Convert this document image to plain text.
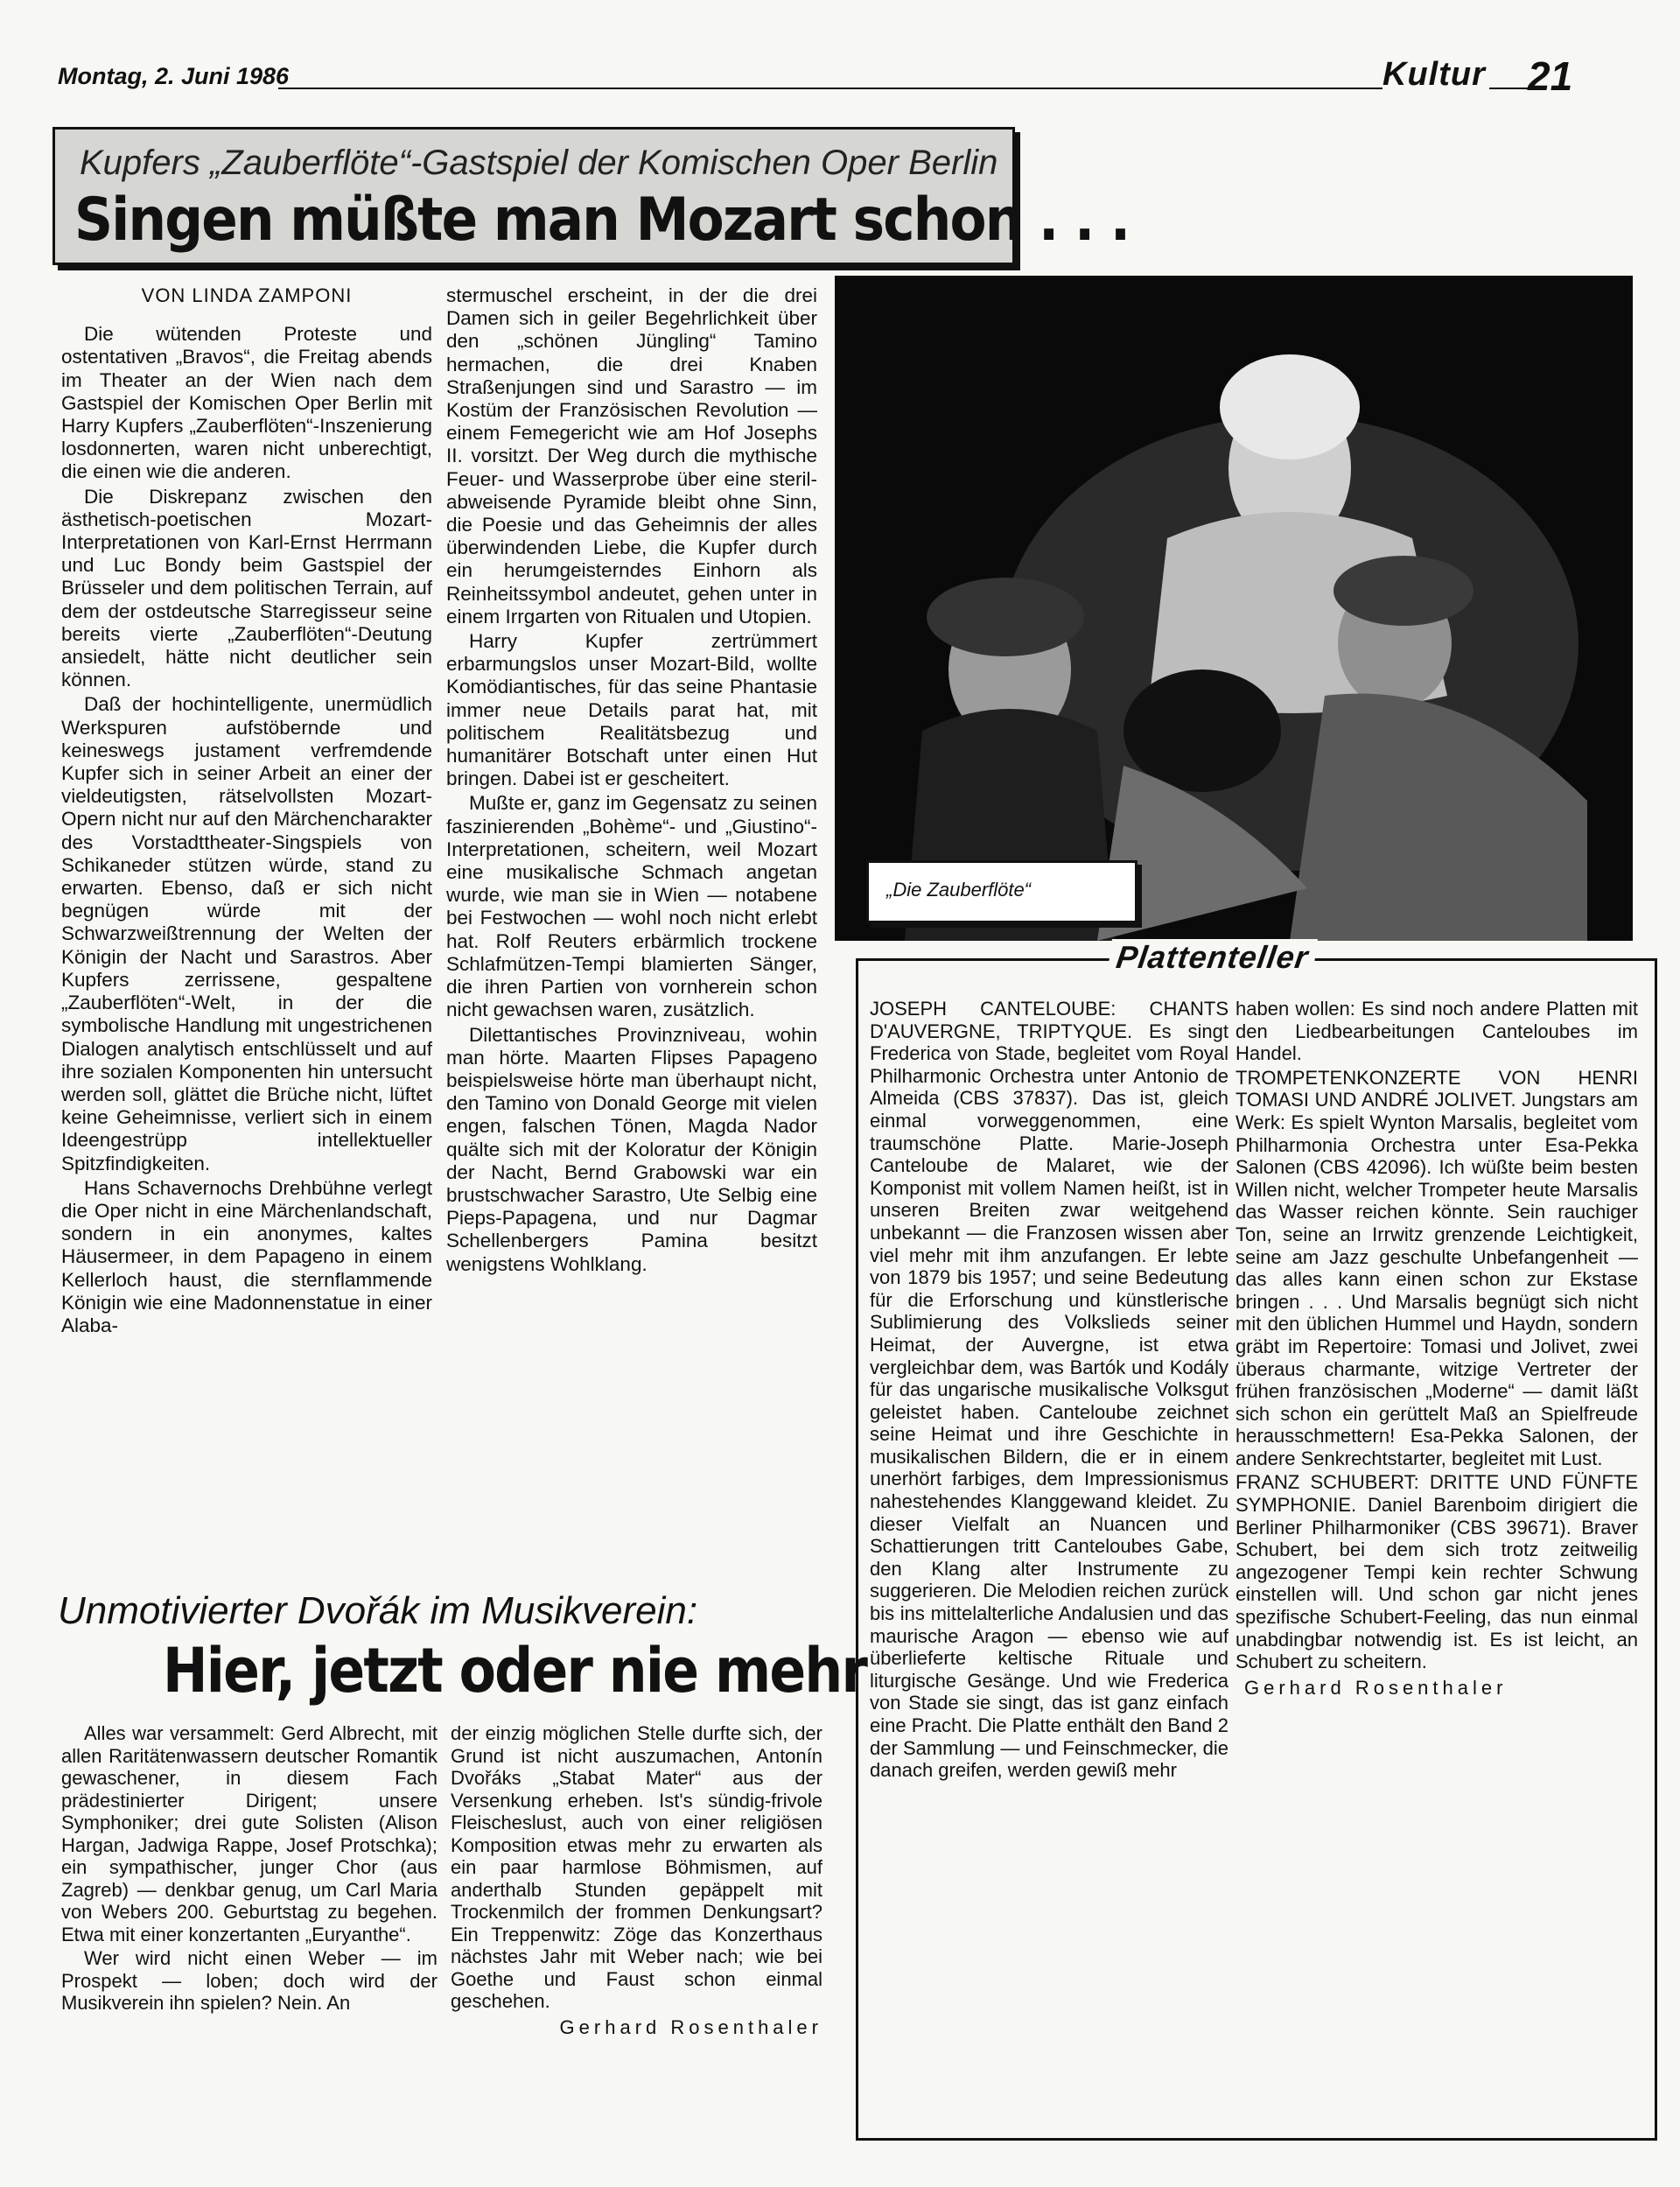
Montag, 2. Juni 1986	Kultur 21
Kupfers „Zauberflöte“-Gastspiel der Komischen Oper Berlin
Singen müßte man Mozart schon . . .

VON LINDA ZAMPONI

Die wütenden Proteste und ostentativen „Bravos“, die Freitag abends im Theater an der Wien nach dem Gastspiel der Komischen Oper Berlin mit Harry Kupfers „Zauberflöten“-Inszenierung losdonnerten, waren nicht unberechtigt, die einen wie die anderen.

Die Diskrepanz zwischen den ästhetisch-poetischen Mozart-Interpretationen von Karl-Ernst Herrmann und Luc Bondy beim Gastspiel der Brüsseler und dem politischen Terrain, auf dem der ostdeutsche Starregisseur seine bereits vierte „Zauberflöten“-Deutung ansiedelt, hätte nicht deutlicher sein können.

Daß der hochintelligente, unermüdlich Werkspuren aufstöbernde und keineswegs justament verfremdende Kupfer sich in seiner Arbeit an einer der vieldeutigsten, rätselvollsten Mozart-Opern nicht nur auf den Märchencharakter des Vorstadttheater-Singspiels von Schikaneder stützen würde, stand zu erwarten. Ebenso, daß er sich nicht begnügen würde mit der Schwarzweißtrennung der Welten der Königin der Nacht und Sarastros. Aber Kupfers zerrissene, gespaltene „Zauberflöten“-Welt, in der die symbolische Handlung mit ungestrichenen Dialogen analytisch entschlüsselt und auf ihre sozialen Komponenten hin untersucht werden soll, glättet die Brüche nicht, lüftet keine Geheimnisse, verliert sich in einem Ideengestrüpp intellektueller Spitzfindigkeiten.

Hans Schavernochs Drehbühne verlegt die Oper nicht in eine Märchenlandschaft, sondern in ein anonymes, kaltes Häusermeer, in dem Papageno in einem Kellerloch haust, die sternflammende Königin wie eine Madonnenstatue in einer Alaba-

stermuschel erscheint, in der die drei Damen sich in geiler Begehrlichkeit über den „schönen Jüngling“ Tamino hermachen, die drei Knaben Straßenjungen sind und Sarastro — im Kostüm der Französischen Revolution — einem Femegericht wie am Hof Josephs II. vorsitzt. Der Weg durch die mythische Feuer- und Wasserprobe über eine steril-abweisende Pyramide bleibt ohne Sinn, die Poesie und das Geheimnis der alles überwindenden Liebe, die Kupfer durch ein herumgeisterndes Einhorn als Reinheitssymbol andeutet, gehen unter in einem Irrgarten von Ritualen und Utopien.

Harry Kupfer zertrümmert erbarmungslos unser Mozart-Bild, wollte Komödiantisches, für das seine Phantasie immer neue Details parat hat, mit politischem Realitätsbezug und humanitärer Botschaft unter einen Hut bringen. Dabei ist er gescheitert.

Mußte er, ganz im Gegensatz zu seinen faszinierenden „Bohème“- und „Giustino“-Interpretationen, scheitern, weil Mozart eine musikalische Schmach angetan wurde, wie man sie in Wien — notabene bei Festwochen — wohl noch nicht erlebt hat. Rolf Reuters erbärmlich trockene Schlafmützen-Tempi blamierten Sänger, die ihren Partien von vornherein schon nicht gewachsen waren, zusätzlich.

Dilettantisches Provinzniveau, wohin man hörte. Maarten Flipses Papageno beispielsweise hörte man überhaupt nicht, den Tamino von Donald George mit vielen engen, falschen Tönen, Magda Nador quälte sich mit der Koloratur der Königin der Nacht, Bernd Grabowski war ein brustschwacher Sarastro, Ute Selbig eine Pieps-Papagena, und nur Dagmar Schellenbergers Pamina besitzt wenigstens Wohlklang.

„Die Zauberflöte“
Plattenteller

JOSEPH CANTELOUBE: CHANTS D'AUVERGNE, TRIPTYQUE. Es singt Frederica von Stade, begleitet vom Royal Philharmonic Orchestra unter Antonio de Almeida (CBS 37837). Das ist, gleich einmal vorweggenommen, eine traumschöne Platte. Marie-Joseph Canteloube de Malaret, wie der Komponist mit vollem Namen heißt, ist in unseren Breiten zwar weitgehend unbekannt — die Franzosen wissen aber viel mehr mit ihm anzufangen. Er lebte von 1879 bis 1957; und seine Bedeutung für die Erforschung und künstlerische Sublimierung des Volkslieds seiner Heimat, der Auvergne, ist etwa vergleichbar dem, was Bartók und Kodály für das ungarische musikalische Volksgut geleistet haben. Canteloube zeichnet seine Heimat und ihre Geschichte in musikalischen Bildern, die er in einem unerhört farbiges, dem Impressionismus nahestehendes Klanggewand kleidet. Zu dieser Vielfalt an Nuancen und Schattierungen tritt Canteloubes Gabe, den Klang alter Instrumente zu suggerieren. Die Melodien reichen zurück bis ins mittelalterliche Andalusien und das maurische Aragon — ebenso wie auf überlieferte keltische Rituale und liturgische Gesänge. Und wie Frederica von Stade sie singt, das ist ganz einfach eine Pracht. Die Platte enthält den Band 2 der Sammlung — und Feinschmecker, die danach greifen, werden gewiß mehr

haben wollen: Es sind noch andere Platten mit den Liedbearbeitungen Canteloubes im Handel.

TROMPETENKONZERTE VON HENRI TOMASI UND ANDRÉ JOLIVET. Jungstars am Werk: Es spielt Wynton Marsalis, begleitet vom Philharmonia Orchestra unter Esa-Pekka Salonen (CBS 42096). Ich wüßte beim besten Willen nicht, welcher Trompeter heute Marsalis das Wasser reichen könnte. Sein rauchiger Ton, seine an Irrwitz grenzende Leichtigkeit, seine am Jazz geschulte Unbefangenheit — das alles kann einen schon zur Ekstase bringen . . . Und Marsalis begnügt sich nicht mit den üblichen Hummel und Haydn, sondern gräbt im Repertoire: Tomasi und Jolivet, zwei überaus charmante, witzige Vertreter der frühen französischen „Moderne“ — damit läßt sich schon ein gerüttelt Maß an Spielfreude herausschmettern! Esa-Pekka Salonen, der andere Senkrechtstarter, begleitet mit Lust.

FRANZ SCHUBERT: DRITTE UND FÜNFTE SYMPHONIE. Daniel Barenboim dirigiert die Berliner Philharmoniker (CBS 39671). Braver Schubert, bei dem sich trotz zeitweilig angezogener Tempi kein rechter Schwung einstellen will. Und schon gar nicht jenes spezifische Schubert-Feeling, das nun einmal unabdingbar notwendig ist. Es ist leicht, an Schubert zu scheitern.

Gerhard Rosenthaler

Unmotivierter Dvořák im Musikverein:
Hier, jetzt oder nie mehr

Alles war versammelt: Gerd Albrecht, mit allen Raritätenwassern deutscher Romantik gewaschener, in diesem Fach prädestinierter Dirigent; unsere Symphoniker; drei gute Solisten (Alison Hargan, Jadwiga Rappe, Josef Protschka); ein sympathischer, junger Chor (aus Zagreb) — denkbar genug, um Carl Maria von Webers 200. Geburtstag zu begehen. Etwa mit einer konzertanten „Euryanthe“.

Wer wird nicht einen Weber — im Prospekt — loben; doch wird der Musikverein ihn spielen? Nein. An

der einzig möglichen Stelle durfte sich, der Grund ist nicht auszumachen, Antonín Dvořáks „Stabat Mater“ aus der Versenkung erheben. Ist's sündig-frivole Fleischeslust, auch von einer religiösen Komposition etwas mehr zu erwarten als ein paar harmlose Böhmismen, auf anderthalb Stunden gepäppelt mit Trockenmilch der frommen Denkungsart? Ein Treppenwitz: Zöge das Konzerthaus nächstes Jahr mit Weber nach; wie bei Goethe und Faust schon einmal geschehen.

Gerhard Rosenthaler
